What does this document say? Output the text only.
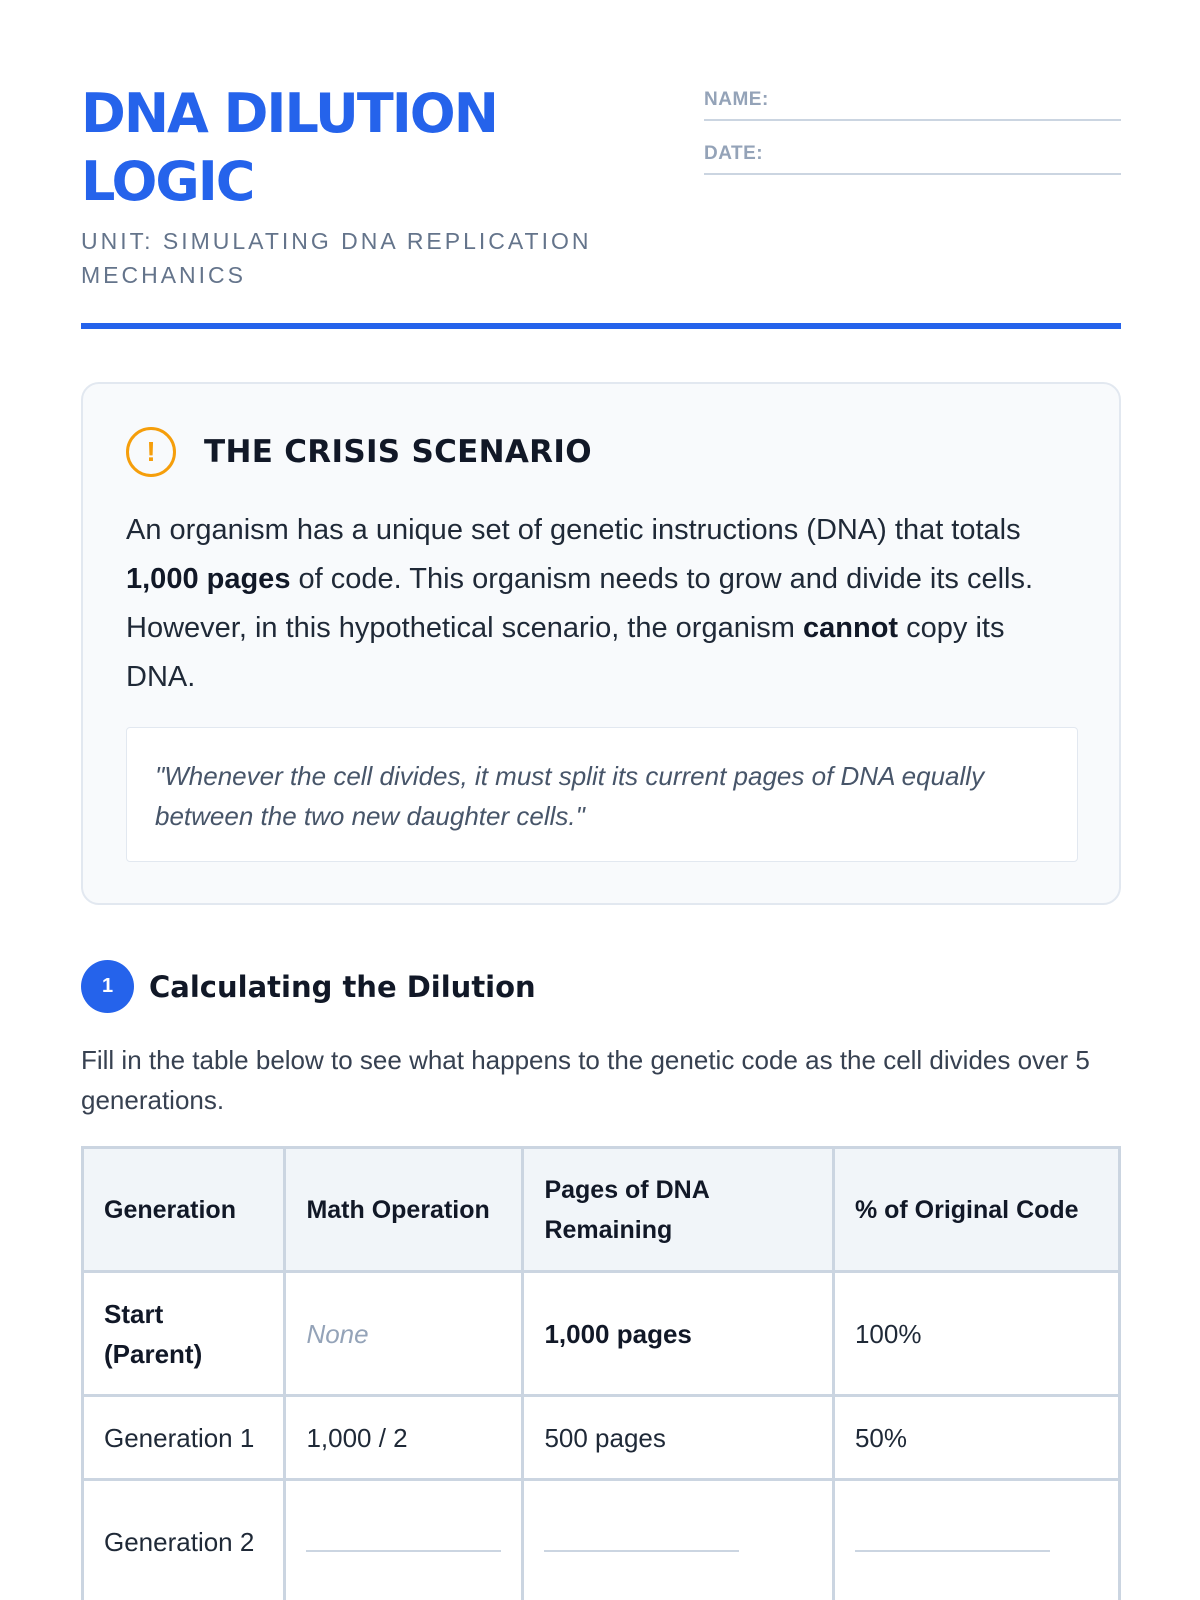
DNA DILUTION LOGIC
UNIT: SIMULATING DNA REPLICATION MECHANICS
NAME:
DATE:
!	THE CRISIS SCENARIO

An organism has a unique set of genetic instructions (DNA) that totals 1,000 pages of code. This organism needs to grow and divide its cells. However, in this hypothetical scenario, the organism cannot copy its DNA.

"Whenever the cell divides, it must split its current pages of DNA equally between the two new daughter cells."

1	Calculating the Dilution

Fill in the table below to see what happens to the genetic code as the cell divides over 5 generations.

Generation	Math Operation	Pages of DNA Remaining	% of Original Code
Start (Parent)	None	1,000 pages	100%
Generation 1	1,000 / 2	500 pages	50%
Generation 2	
